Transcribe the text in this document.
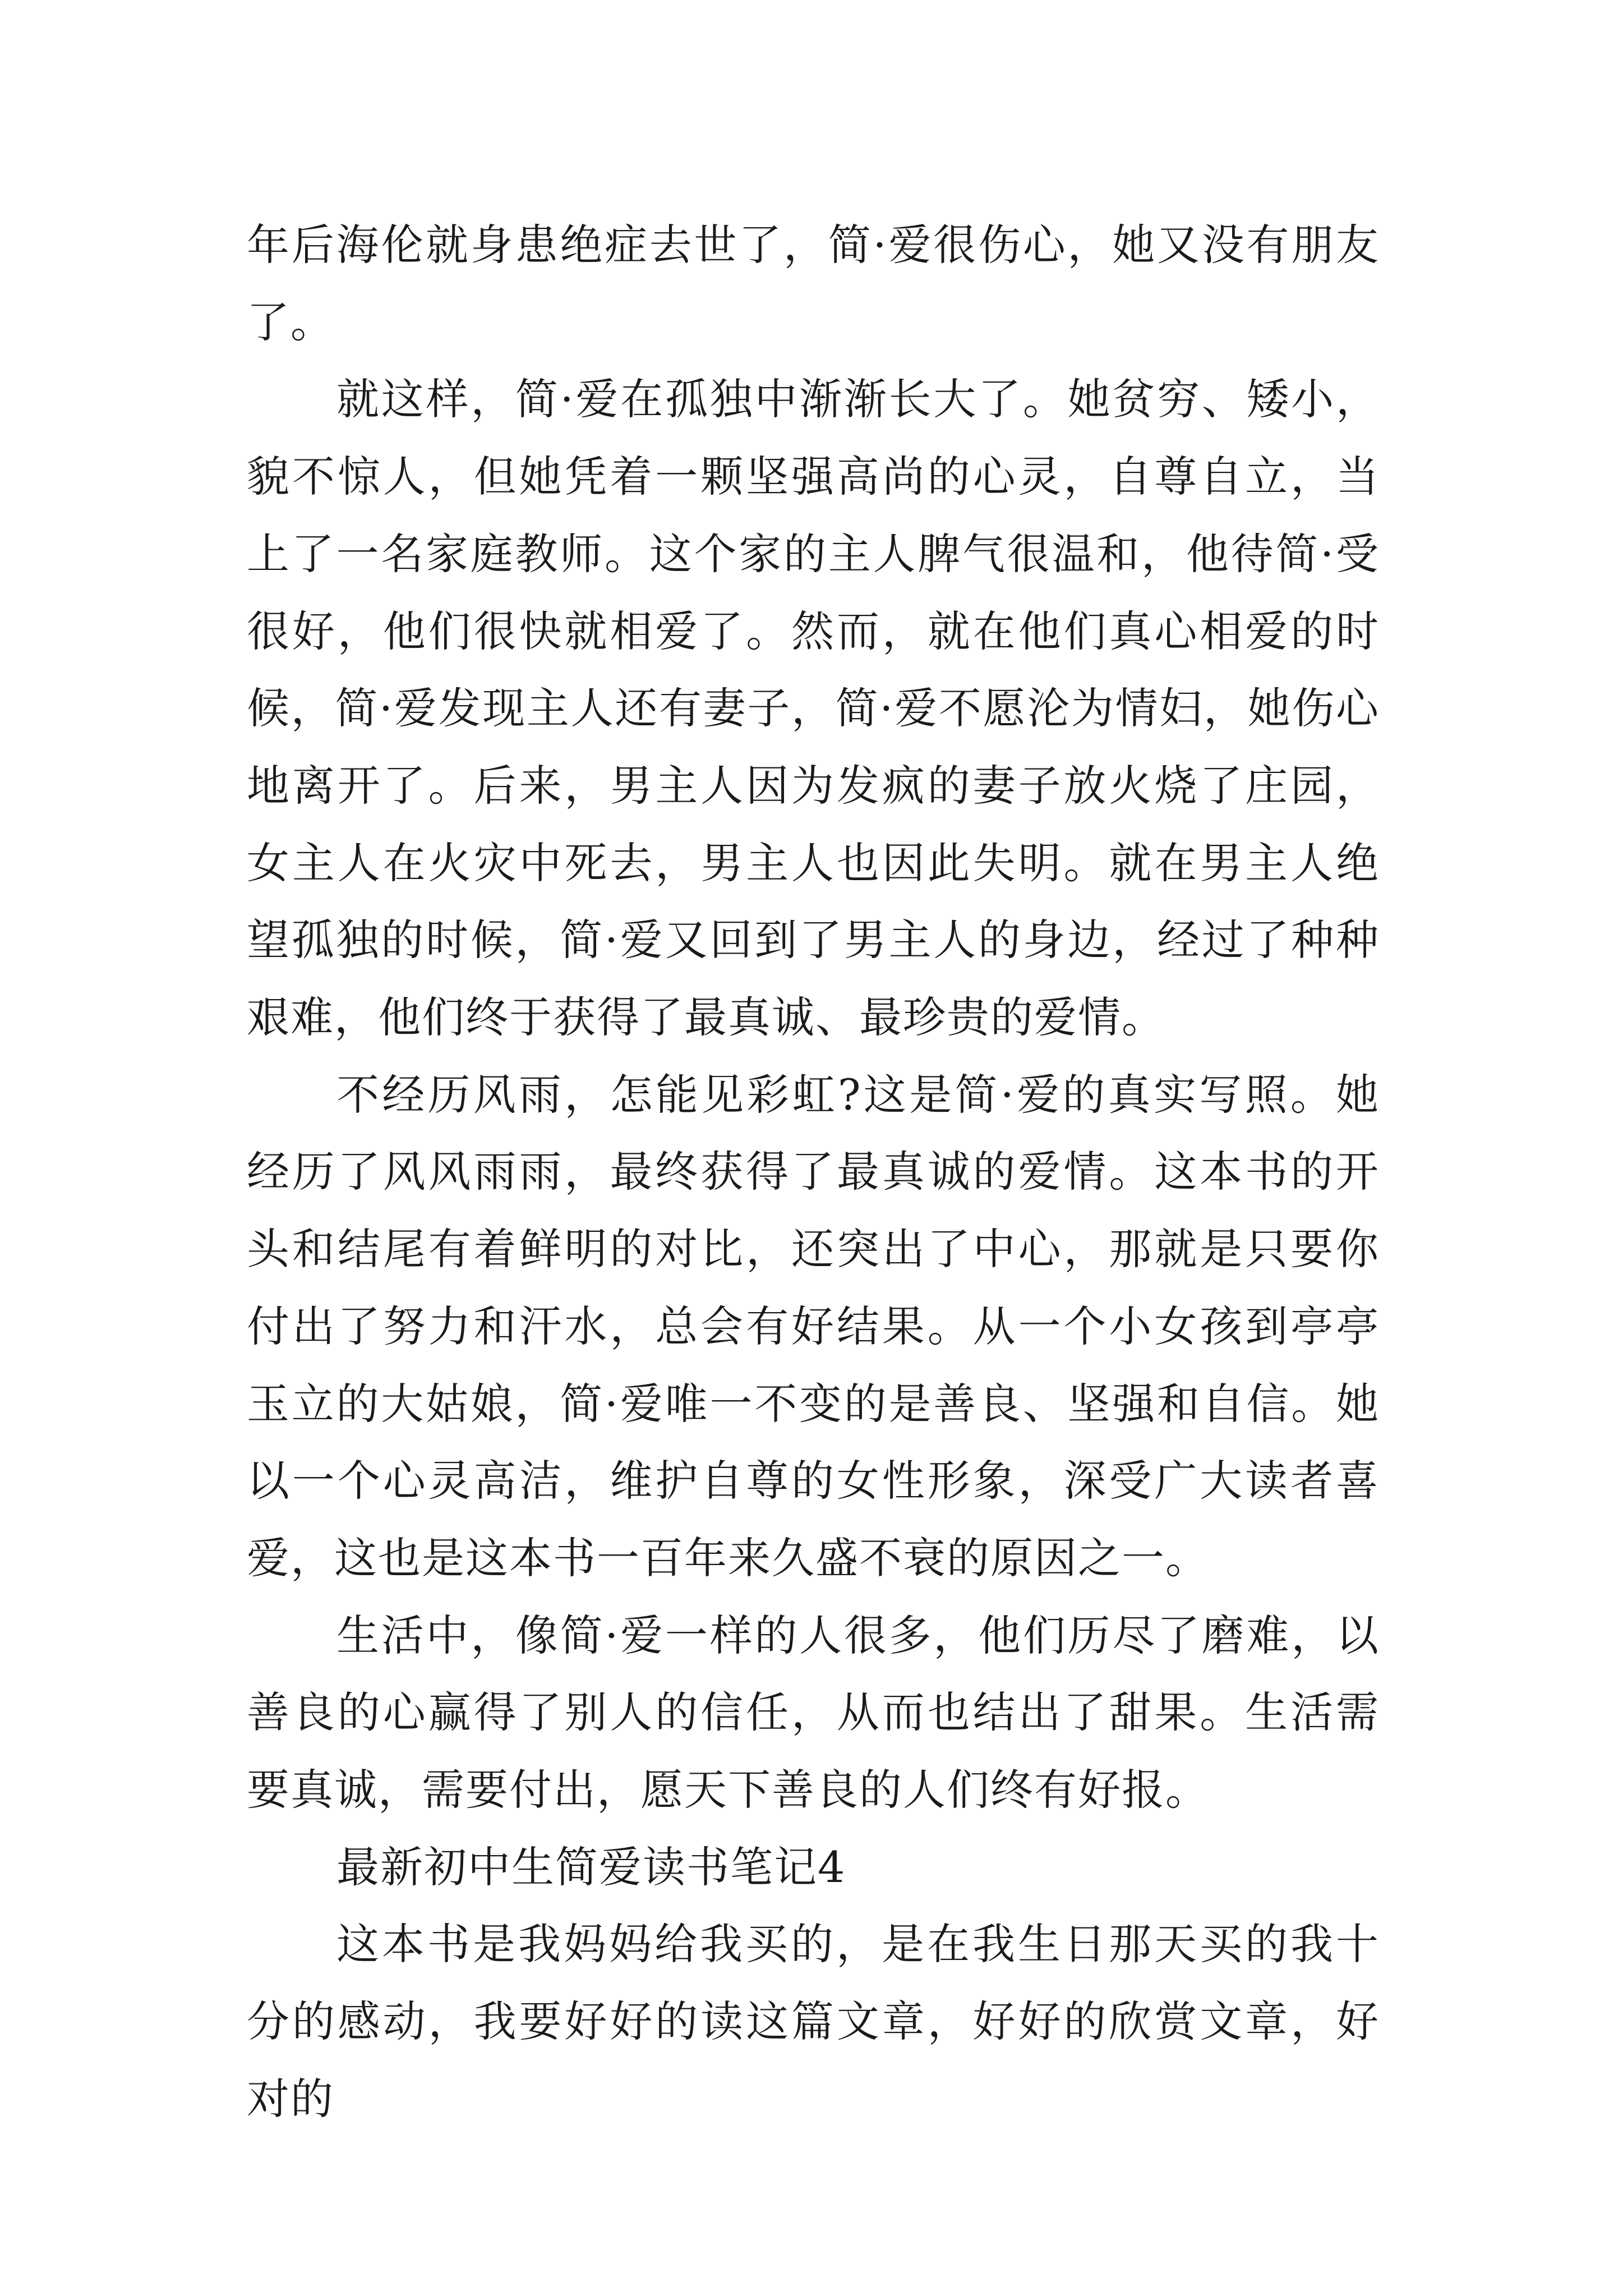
年后海伦就身患绝症去世了，简·爱很伤心，她又没有朋友了。

就这样，简·爱在孤独中渐渐长大了。她贫穷、矮小，貌不惊人，但她凭着一颗坚强高尚的心灵，自尊自立，当上了一名家庭教师。这个家的主人脾气很温和，他待简·受很好，他们很快就相爱了。然而，就在他们真心相爱的时候，简·爱发现主人还有妻子，简·爱不愿沦为情妇，她伤心地离开了。后来，男主人因为发疯的妻子放火烧了庄园，女主人在火灾中死去，男主人也因此失明。就在男主人绝望孤独的时候，简·爱又回到了男主人的身边，经过了种种艰难，他们终于获得了最真诚、最珍贵的爱情。

不经历风雨，怎能见彩虹?这是简·爱的真实写照。她经历了风风雨雨，最终获得了最真诚的爱情。这本书的开头和结尾有着鲜明的对比，还突出了中心，那就是只要你付出了努力和汗水，总会有好结果。从一个小女孩到亭亭玉立的大姑娘，简·爱唯一不变的是善良、坚强和自信。她以一个心灵高洁，维护自尊的女性形象，深受广大读者喜爱，这也是这本书一百年来久盛不衰的原因之一。

生活中，像简·爱一样的人很多，他们历尽了磨难，以善良的心赢得了别人的信任，从而也结出了甜果。生活需要真诚，需要付出，愿天下善良的人们终有好报。

最新初中生简爱读书笔记4

这本书是我妈妈给我买的，是在我生日那天买的我十分的感动，我要好好的读这篇文章，好好的欣赏文章，好对的
